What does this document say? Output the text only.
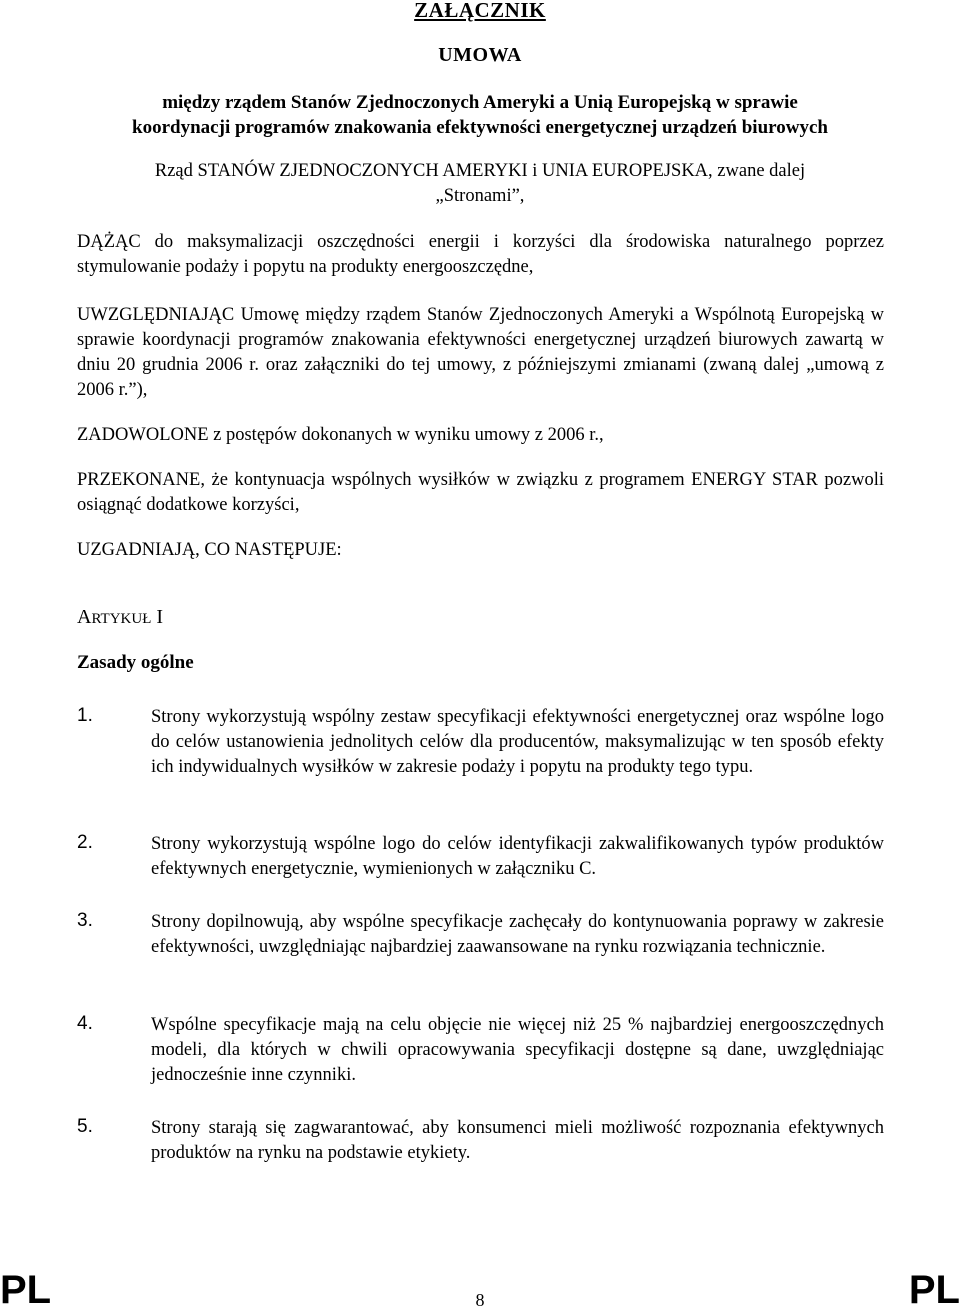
ZAŁĄCZNIK
UMOWA
między rządem Stanów Zjednoczonych Ameryki a Unią Europejską w sprawie
koordynacji programów znakowania efektywności energetycznej urządzeń biurowych
Rząd STANÓW ZJEDNOCZONYCH AMERYKI i UNIA EUROPEJSKA, zwane dalej
„Stronami”,
DĄŻĄC do maksymalizacji oszczędności energii i korzyści dla środowiska naturalnego poprzez stymulowanie podaży i popytu na produkty energooszczędne,
UWZGLĘDNIAJĄC Umowę między rządem Stanów Zjednoczonych Ameryki a Wspólnotą Europejską w sprawie koordynacji programów znakowania efektywności energetycznej urządzeń biurowych zawartą w dniu 20 grudnia 2006 r. oraz załączniki do tej umowy, z późniejszymi zmianami (zwaną dalej „umową z 2006 r.”),
ZADOWOLONE z postępów dokonanych w wyniku umowy z 2006 r.,
PRZEKONANE, że kontynuacja wspólnych wysiłków w związku z programem ENERGY STAR pozwoli osiągnąć dodatkowe korzyści,
UZGADNIAJĄ, CO NASTĘPUJE:
ARTYKUŁ I
Zasady ogólne
1.	Strony wykorzystują wspólny zestaw specyfikacji efektywności energetycznej oraz wspólne logo do celów ustanowienia jednolitych celów dla producentów, maksymalizując w ten sposób efekty ich indywidualnych wysiłków w zakresie podaży i popytu na produkty tego typu.
2.	Strony wykorzystują wspólne logo do celów identyfikacji zakwalifikowanych typów produktów efektywnych energetycznie, wymienionych w załączniku C.
3.	Strony dopilnowują, aby wspólne specyfikacje zachęcały do kontynuowania poprawy w zakresie efektywności, uwzględniając najbardziej zaawansowane na rynku rozwiązania technicznie.
4.	Wspólne specyfikacje mają na celu objęcie nie więcej niż 25 % najbardziej energooszczędnych modeli, dla których w chwili opracowywania specyfikacji dostępne są dane, uwzględniając jednocześnie inne czynniki.
5.	Strony starają się zagwarantować, aby konsumenci mieli możliwość rozpoznania efektywnych produktów na rynku na podstawie etykiety.
PL	8	PL
